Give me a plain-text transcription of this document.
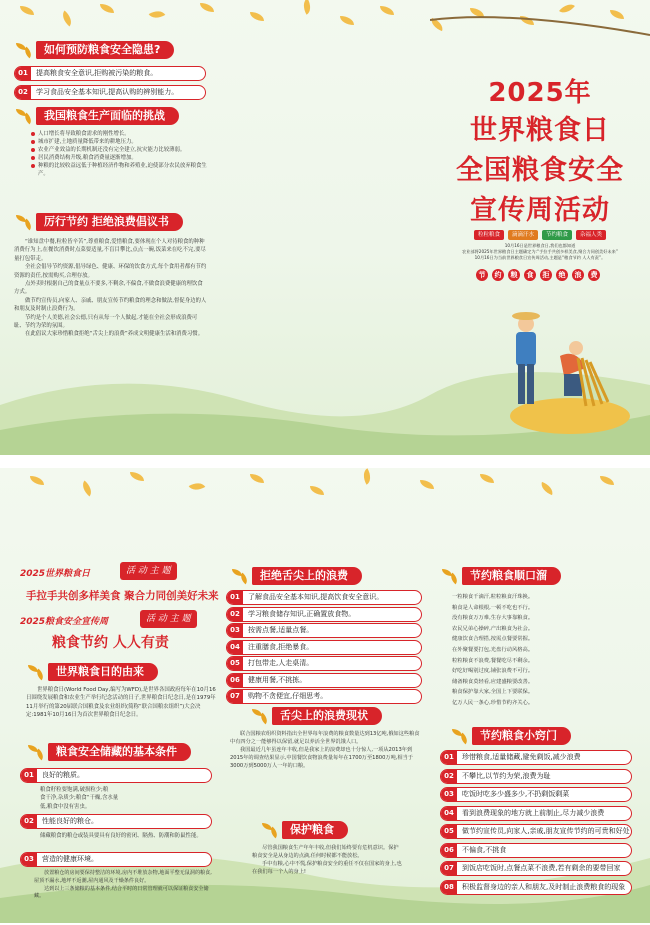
如何预防粮食安全隐患?
01	提高粮食安全意识,拒购被污染的粮食。
02	学习食品安全基本知识,提高认购的辨别能力。
我国粮食生产面临的挑战

人口增长将导致粮食需求的刚性增长。

城市扩建,土地质量降低带来的耕地压力。

农业产业效益的长期机制还没有完全建立,抗灾能力比较薄弱。

居民消费结构升级,粮食消费量逐渐增加。

种粮的比较收益远低于种植经济作物和养殖业,迫使部分农民放弃粮食生产。

厉行节约 拒绝浪费倡议书

“谁知盘中餐,粒粒皆辛苦”,尊重粮食,爱惜粮食,要体现在个人对待粮食的种种消费行为上,在餐饮消费时点菜要适量,不盲目攀比,点点一碗,饭菜来在吃不完,要尽量打包带走。

全社会倡导节约资源,倡导绿色、健康、环保的饮食方式,每个食用者都有节约资源的责任,按需购买,合理存放。

点外卖时根据自己的食量点不要多,不剩余,不偏食,不做食浪费健康的理饮食方式。

做节约宣传员,向家人、亲戚、朋友宣传节约粮食的理念和做法,督促身边的人和朋友及时制止浪费行为。

节约是个人美德,社会公德,只有从每一个人做起,才能在全社会形成浪费可耻、节约为荣的氛围。

在此倡议大家珍惜粮食拒绝“舌尖上的浪费”养成文明健康生活和消费习惯。

2025年
世界粮食日
全国粮食安全
宣传周活动
粒粒粮食	滴滴汗水	节约粮食	杂福人类

10月16日是世界粮食日,我们也都知道

农业部将2025年世界粮食日主题确定为:“手拉手共创多样美食,聚合力同创美好未来”

10月16日为当前世界粮食日宣传周活动,主题是“粮食节约 人人有责”。

节	约	粮	食	拒	绝	浪	费
2025世界粮食日	活 动 主 题
手拉手共创多样美食 聚合力同创美好未来
2025粮食安全宣传周	活 动 主 题
粮食节约 人人有责
世界粮食日的由来

世界粮食日(World Food Day,编写为WFD),是世界各国政府每年在10月16日围绕发展粮食和农业生产举行纪念活动的日子,世界粮食日纪念日,是在1979年11月举行的第20届联合国粮食及农业组织(简称“联合国粮农组织”)大会决定:1981年10月16日为首次世界粮食日纪念日。

粮食安全储藏的基本条件
01	良好的粮质。

粮食籽粒要饱满,破损粒少;粮

食干净,杂质少;粮食“干燥,含水量

低,粮食中没有害虫。

02	性能良好的粮仓。

储藏粮食的粮仓或装具要具有良好的密闭、隔热、防潮和防鼠性能。

03	营造的健康环境。

放置粮仓的房间要保持整洁的环境,房内不堆放杂物,地面平整无鼠洞的粮食,屋顶不漏水,地坪不返潮,屋内通风及干燥条件良好。

达到以上三条储粮的基本条件,结合平时的日常管理就可以保证粮食安全储藏。

拒绝舌尖上的浪费
01	了解食品安全基本知识,提高饮食安全意识。
02	学习粮食储存知识,正确置放食物。
03	按需点餐,适量点餐。
04	注重膳食,拒绝暴食。
05	打包带走,人走桌清。
06	健康用餐,不挑拣。
07	购物不贪便宜,仔细思考。
舌尖上的浪费现状

联合国粮农组织资料指出全世界每年浪费的粮食数量达到13亿吨,俄如这些粮食中有四分之一能够得以保留,就足以养活全世界饥饿人口。

我国最近几年虽连年丰收,但是我家上的浪费却也十分惊人,一项从2013年到2015年的调查结果显示,中国餐饮食物浪费量每年在1700万至1800万吨,相当于3000万到5000万人一年的口粮。

保护粮食

尽管我国粮食生产年年丰收,但我们始终要有危机意识。保护粮食安全是从身边的点滴,任何时候都不能放松。

手中有粮,心中不慌,保护粮食安全的重任不仅在国家的身上,也在我们每一个人的身上!

节约粮食顺口溜

一粒粮食千滴汗,粒粒粮食汗珠换。

粮食是人命根根,一顿不吃也不行。

没有粮食万万难,生存大事靠粮食。

农民兄弟心操碎,产出粮食为社会。

健康饮食合理搭,按需点餐要常握。

在外聚餐要打包,光盘行动风格高。

粒粒粮食不浪费,餐餐吃尽不剩余。

好吃好喝别过度,铺张浪费不可行。

储备粮食莫轻看,应建盛粮要改善。

粮食保护靠大家,全国上下要联保。

亿万人民一条心,珍惜节约齐关心。

节约粮食小窍门
01	珍惜粮食,适量储藏,避免剩饭,减少浪费
02	不攀比,以节约为荣,浪费为耻
03	吃饭时吃多少盛多少,不扔剩饭剩菜
04	看到浪费现象的地方就上前制止,尽力减少浪费
05	做节约宣传员,向家人,亲戚,朋友宣传节约的可贵和好处
06	不偏食,不挑食
07	到饭店吃饭时,点餐点菜不浪费,若有剩余的要带回家
08	积极监督身边的亲人和朋友,及时制止浪费粮食的现象
